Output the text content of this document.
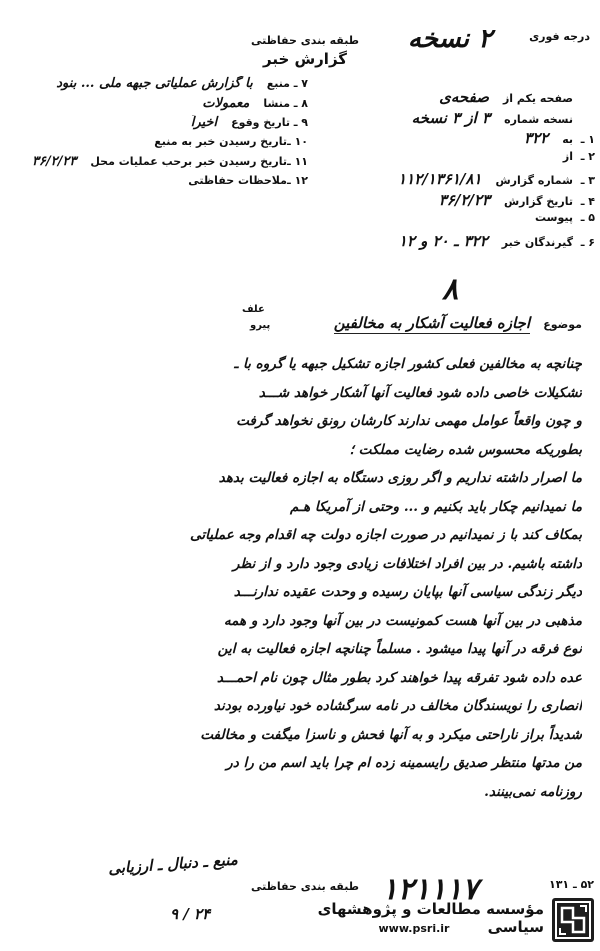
درجه فوری
۲ نسخه
طبقه بندی حفاظتی
گزارش خبر
صفحه یکم از
صفحه‌ی
نسخه شماره
۳ از ۳ نسخه
۱ ـ
به
۳۲۲
۲ ـ
از
۳ ـ
شماره گزارش
۱۱۲/۱۳۶۱/۸۱
۴ ـ
تاریخ گزارش
۳۶/۲/۲۳
۵ ـ
پیوست
۶ ـ
گیرندگان خبر
۳۲۲ ـ ۲۰ و ۱۲
۷ ـ
منبع
با گزارش عملیاتی جبهه ملی ... بنود
۸ ـ
منشا
معمولات
۹ ـ
تاریخ وقوع
اخیراً
۱۰ ـ
تاریخ رسیدن خبر به منبع
۱۱ ـ
تاریخ رسیدن خبر برحب عملیات محل
۳۶/۲/۲۳
۱۲ ـ
ملاحظات حفاظتی
۸
موضوع
اجازه فعالیت آشکار به مخالفین
علف
پیرو
چنانچه به مخالفین فعلی کشور اجازه تشکیل جبهه یا گروه با ـ
تشکیلات خاصی داده شود فعالیت آنها آشکار خواهد شـــد
و چون واقعاً عوامل مهمی ندارند کارشان رونق نخواهد گرفت
بطوریکه محسوس شده رضایت مملکت ؛
ما اصرار داشته نداریم و اگر روزی دستگاه به اجازه فعالیت بدهد
ما نمیدانیم چکار باید بکنیم و ... وحتی از آمریکا هـم
بمکاف کند با ز نمیدانیم در صورت اجازه دولت چه اقدام وجه عملیاتی
داشته باشیم. در بین افراد اختلافات زیادی وجود دارد و از نظر
دیگر زندگی سیاسی آنها بپایان رسیده و وحدت عقیده ندارنـــد
مذهبی در بین آنها هست کمونیست در بین آنها وجود دارد و همه
نوع فرقه در آنها پیدا میشود . مسلماً چنانچه اجازه فعالیت به این
عده داده شود تفرقه پیدا خواهند کرد بطور مثال چون نام احمـــد
انصاری را نویسندگان مخالف در نامه سرگشاده خود نیاورده بودند
شدیداً براز ناراحتی میکرد و به آنها فحش و ناسزا میگفت و مخالفت
من مدتها منتظر صدیق رایسمینه زده ام چرا باید اسم من را در
روزنامه نمی‌بینند.
منبع ـ دنبال ـ ارزیابی
۹ / ۲۴
طبقه بندی حفاظتی ۱۲۱۱۱۷	۵۲ ـ ۱۳۱
مؤسسه مطالعات و پژوهشهای سیاسی
www.psri.ir
